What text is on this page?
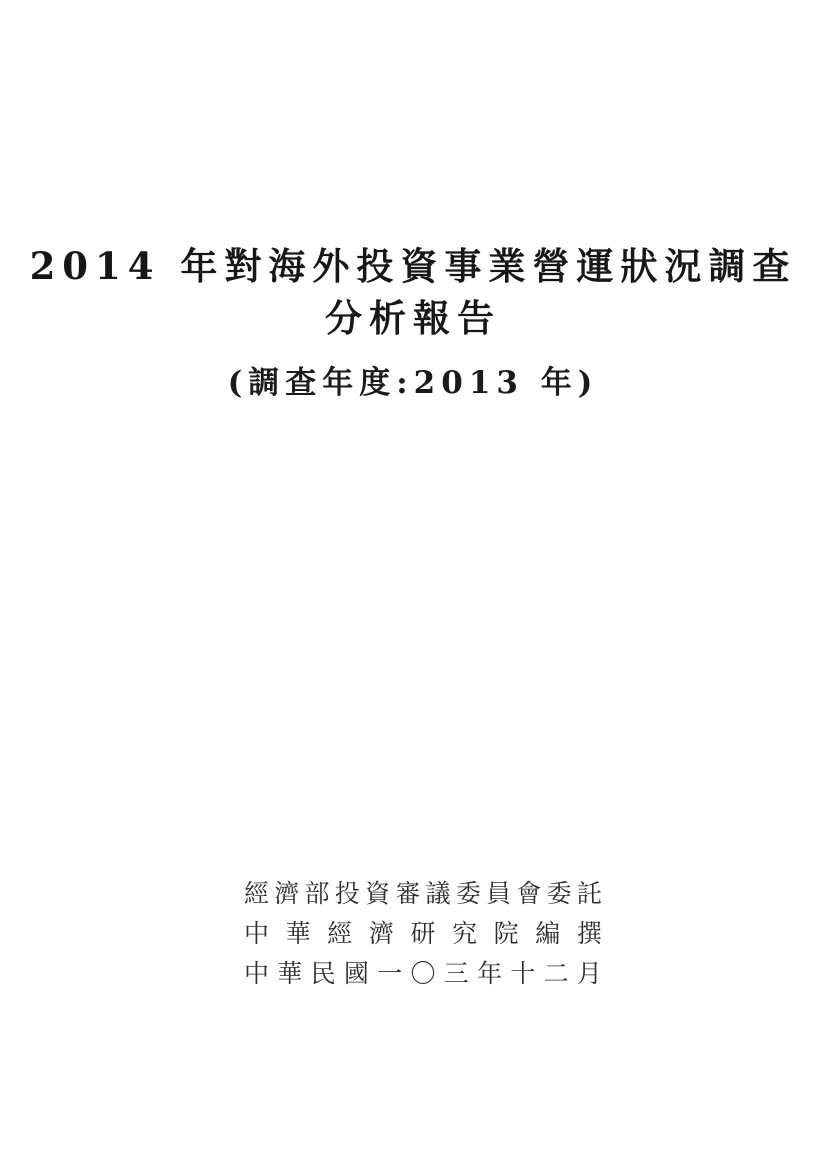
2014 年對海外投資事業營運狀況調查
分析報告
(調查年度:2013 年)
經 濟 部 投 資 審 議 委 員 會 委 託
中 華 經 濟 研 究 院 編 撰
中 華 民 國 一 〇 三 年 十 二 月
